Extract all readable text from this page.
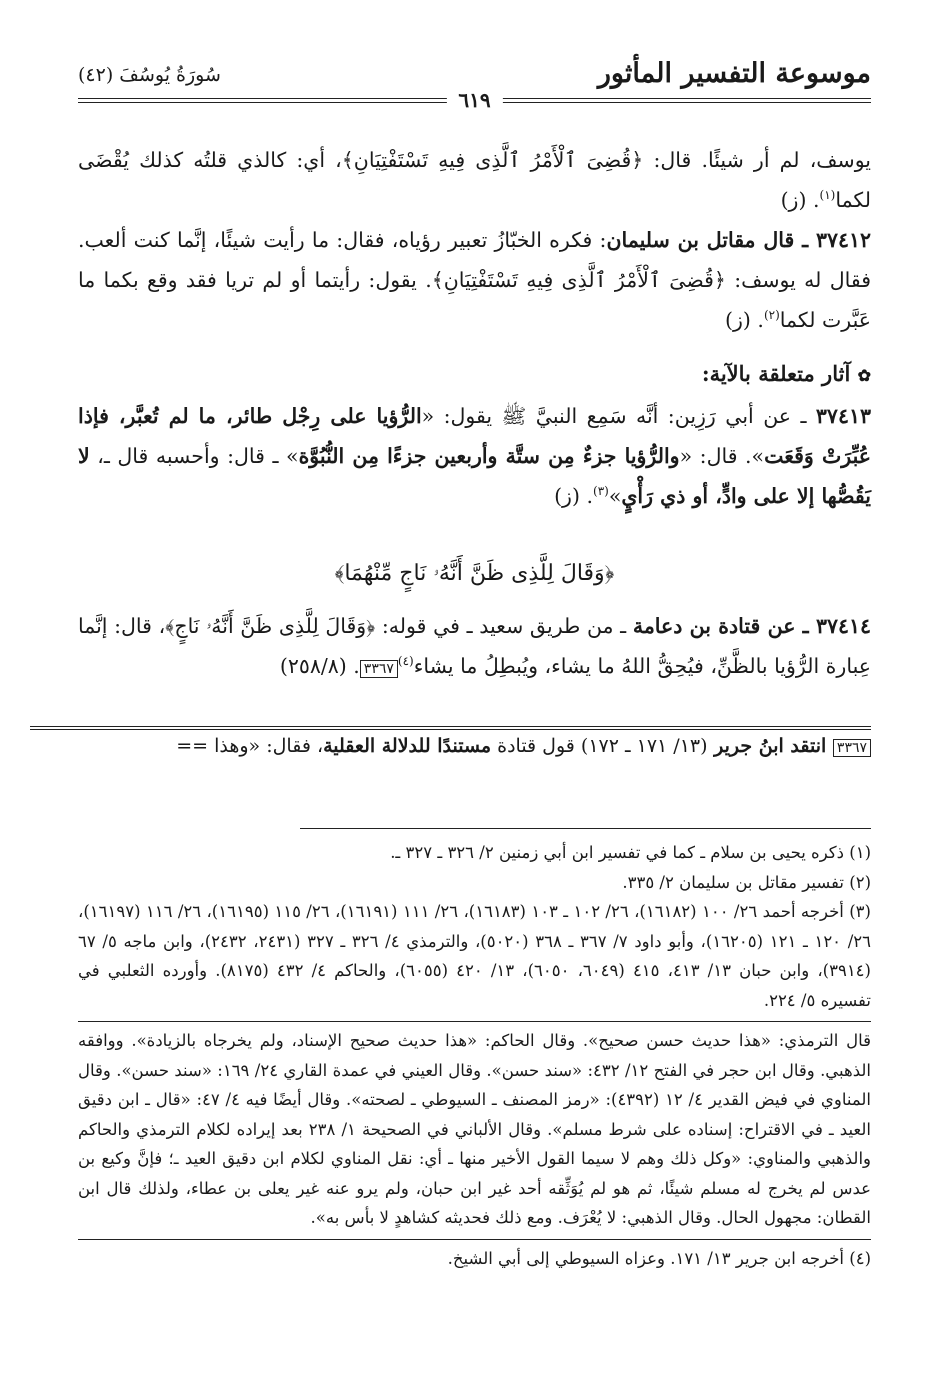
سُورَةُ يُوسُفَ (٤٢)	موسوعة التفسير المأثور
٦١٩

يوسف، لم أر شيئًا. قال: ﴿قُضِىَ ٱلْأَمْرُ ٱلَّذِى فِيهِ تَسْتَفْتِيَانِ﴾، أي: كالذي قلتُه كذلك يُقْضَى لكما$^{(١)}$. (ز)

٣٧٤١٢ ـ قال مقاتل بن سليمان: فكره الخبّازُ تعبير رؤياه، فقال: ما رأيت شيئًا، إنَّما كنت ألعب. فقال له يوسف: ﴿قُضِىَ ٱلْأَمْرُ ٱلَّذِى فِيهِ تَسْتَفْتِيَانِ﴾. يقول: رأيتما أو لم تريا فقد وقع بكما ما عَبَّرت لكما$^{(٢)}$. (ز)

✿ آثار متعلقة بالآية:

٣٧٤١٣ ـ عن أبي رَزِين: أنَّه سَمِع النبيَّ ﷺ يقول: «الرُّؤيا على رِجْل طائر، ما لم تُعبَّر، فإذا عُبِّرَتْ وَقَعَت». قال: «والرُّؤيا جزءٌ مِن ستَّة وأربعين جزءًا مِن النُّبُوَّة» ـ قال: وأحسبه قال ـ، لا يَقُصُّها إلا على وادٍّ، أو ذي رَأْيٍ»$^{(٣)}$. (ز)

﴿وَقَالَ لِلَّذِى ظَنَّ أَنَّهُۥ نَاجٍ مِّنْهُمَا﴾

٣٧٤١٤ ـ عن قتادة بن دعامة ـ من طريق سعيد ـ في قوله: ﴿وَقَالَ لِلَّذِى ظَنَّ أَنَّهُۥ نَاجٍ﴾، قال: إنَّما عِبارة الرُّؤيا بالظَّنِّ، فيُحِقُّ اللهُ ما يشاء، ويُبطِلُ ما يشاء$^{(٤)}$٣٣٦٧. (٢٥٨/٨)

٣٣٦٧ انتقد ابنُ جرير (١٣/ ١٧١ ـ ١٧٢) قول قتادة مستندًا للدلالة العقلية، فقال: «وهذا ==

(١) ذكره يحيى بن سلام ـ كما في تفسير ابن أبي زمنين ٢/ ٣٢٦ ـ ٣٢٧ ـ.

(٢) تفسير مقاتل بن سليمان ٢/ ٣٣٥.

(٣) أخرجه أحمد ٢٦/ ١٠٠ (١٦١٨٢)، ٢٦/ ١٠٢ ـ ١٠٣ (١٦١٨٣)، ٢٦/ ١١١ (١٦١٩١)، ٢٦/ ١١٥ (١٦١٩٥)، ٢٦/ ١١٦ (١٦١٩٧)، ٢٦/ ١٢٠ ـ ١٢١ (١٦٢٠٥)، وأبو داود ٧/ ٣٦٧ ـ ٣٦٨ (٥٠٢٠)، والترمذي ٤/ ٣٢٦ ـ ٣٢٧ (٢٤٣١، ٢٤٣٢)، وابن ماجه ٥/ ٦٧ (٣٩١٤)، وابن حبان ١٣/ ٤١٣، ٤١٥ (٦٠٤٩، ٦٠٥٠)، ١٣/ ٤٢٠ (٦٠٥٥)، والحاكم ٤/ ٤٣٢ (٨١٧٥). وأورده الثعلبي في تفسيره ٥/ ٢٢٤.

قال الترمذي: «هذا حديث حسن صحيح». وقال الحاكم: «هذا حديث صحيح الإسناد، ولم يخرجاه بالزيادة». ووافقه الذهبي. وقال ابن حجر في الفتح ١٢/ ٤٣٢: «سند حسن». وقال العيني في عمدة القاري ٢٤/ ١٦٩: «سند حسن». وقال المناوي في فيض القدير ٤/ ١٢ (٤٣٩٢): «رمز المصنف ـ السيوطي ـ لصحته». وقال أيضًا فيه ٤/ ٤٧: «قال ـ ابن دقيق العيد ـ في الاقتراح: إسناده على شرط مسلم». وقال الألباني في الصحيحة ١/ ٢٣٨ بعد إيراده لكلام الترمذي والحاكم والذهبي والمناوي: «وكل ذلك وهم لا سيما القول الأخير منها ـ أي: نقل المناوي لكلام ابن دقيق العيد ـ؛ فإنَّ وكيع بن عدس لم يخرج له مسلم شيئًا، ثم هو لم يُوَثِّقه أحد غير ابن حبان، ولم يرو عنه غير يعلى بن عطاء، ولذلك قال ابن القطان: مجهول الحال. وقال الذهبي: لا يُعْرَف. ومع ذلك فحديثه كشاهدٍ لا بأس به».

(٤) أخرجه ابن جرير ١٣/ ١٧١. وعزاه السيوطي إلى أبي الشيخ.
